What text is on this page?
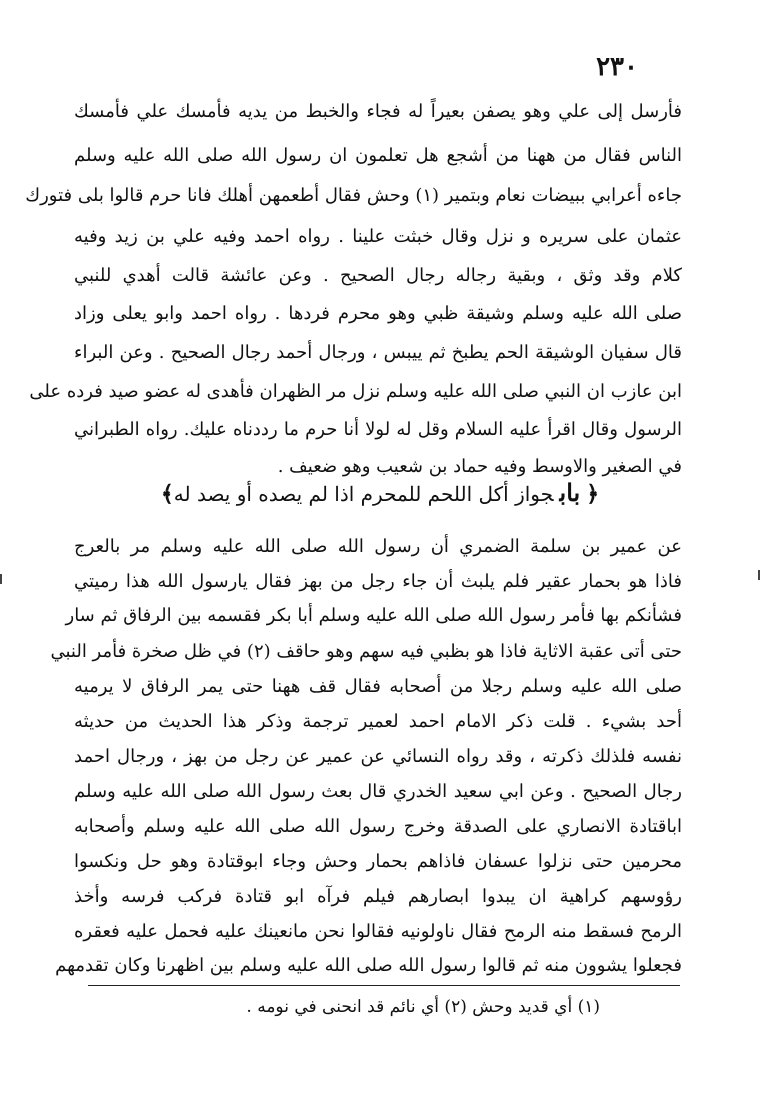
٢٣٠
فأرسل إلى علي وهو يصفن بعيراً له فجاء والخبط من يديه فأمسك علي فأمسك
الناس فقال من ههنا من أشجع هل تعلمون ان رسول الله صلى الله عليه وسلم
جاءه أعرابي ببيضات نعام وبتمير (١) وحش فقال أطعمهن أهلك فانا حرم قالوا بلى فتورك
عثمان على سريره و نزل وقال خبثت علينا . رواه احمد وفيه علي بن زيد وفيه
كلام وقد وثق ، وبقية رجاله رجال الصحيح . وعن عائشة قالت أهدي للنبي
صلى الله عليه وسلم وشيقة ظبي وهو محرم فردها . رواه احمد وابو يعلى وزاد
قال سفيان الوشيقة الحم يطبخ ثم ييبس ، ورجال أحمد رجال الصحيح . وعن البراء
ابن عازب ان النبي صلى الله عليه وسلم نزل مر الظهران فأهدى له عضو صيد فرده على
الرسول وقال اقرأ عليه السلام وقل له لولا أنا حرم ما رددناه عليك. رواه الطبراني
في الصغير والاوسط وفيه حماد بن شعيب وهو ضعيف .
﴿بابجواز أكل اللحم للمحرم اذا لم يصده أو يصد له﴾
عن عمير بن سلمة الضمري أن رسول الله صلى الله عليه وسلم مر بالعرج
فاذا هو بحمار عقير فلم يلبث أن جاء رجل من بهز فقال يارسول الله هذا رميتي
فشأنكم بها فأمر رسول الله صلى الله عليه وسلم أبا بكر فقسمه بين الرفاق ثم سار
حتى أتى عقبة الاثاية فاذا هو بظبي فيه سهم وهو حاقف (٢) في ظل صخرة فأمر النبي
صلى الله عليه وسلم رجلا من أصحابه فقال قف ههنا حتى يمر الرفاق لا يرميه
أحد بشيء . قلت ذكر الامام احمد لعمير ترجمة وذكر هذا الحديث من حديثه
نفسه فلذلك ذكرته ، وقد رواه النسائي عن عمير عن رجل من بهز ، ورجال احمد
رجال الصحيح . وعن ابي سعيد الخدري قال بعث رسول الله صلى الله عليه وسلم
اباقتادة الانصاري على الصدقة وخرج رسول الله صلى الله عليه وسلم وأصحابه
محرمين حتى نزلوا عسفان فاذاهم بحمار وحش وجاء ابوقتادة وهو حل ونكسوا
رؤوسهم كراهية ان يبدوا ابصارهم فيلم فرآه ابو قتادة فركب فرسه وأخذ
الرمح فسقط منه الرمح فقال ناولونيه فقالوا نحن مانعينك عليه فحمل عليه فعقره
فجعلوا يشوون منه ثم قالوا رسول الله صلى الله عليه وسلم بين اظهرنا وكان تقدمهم
(١) أي قديد وحش (٢) أي نائم قد انحنى في نومه .
